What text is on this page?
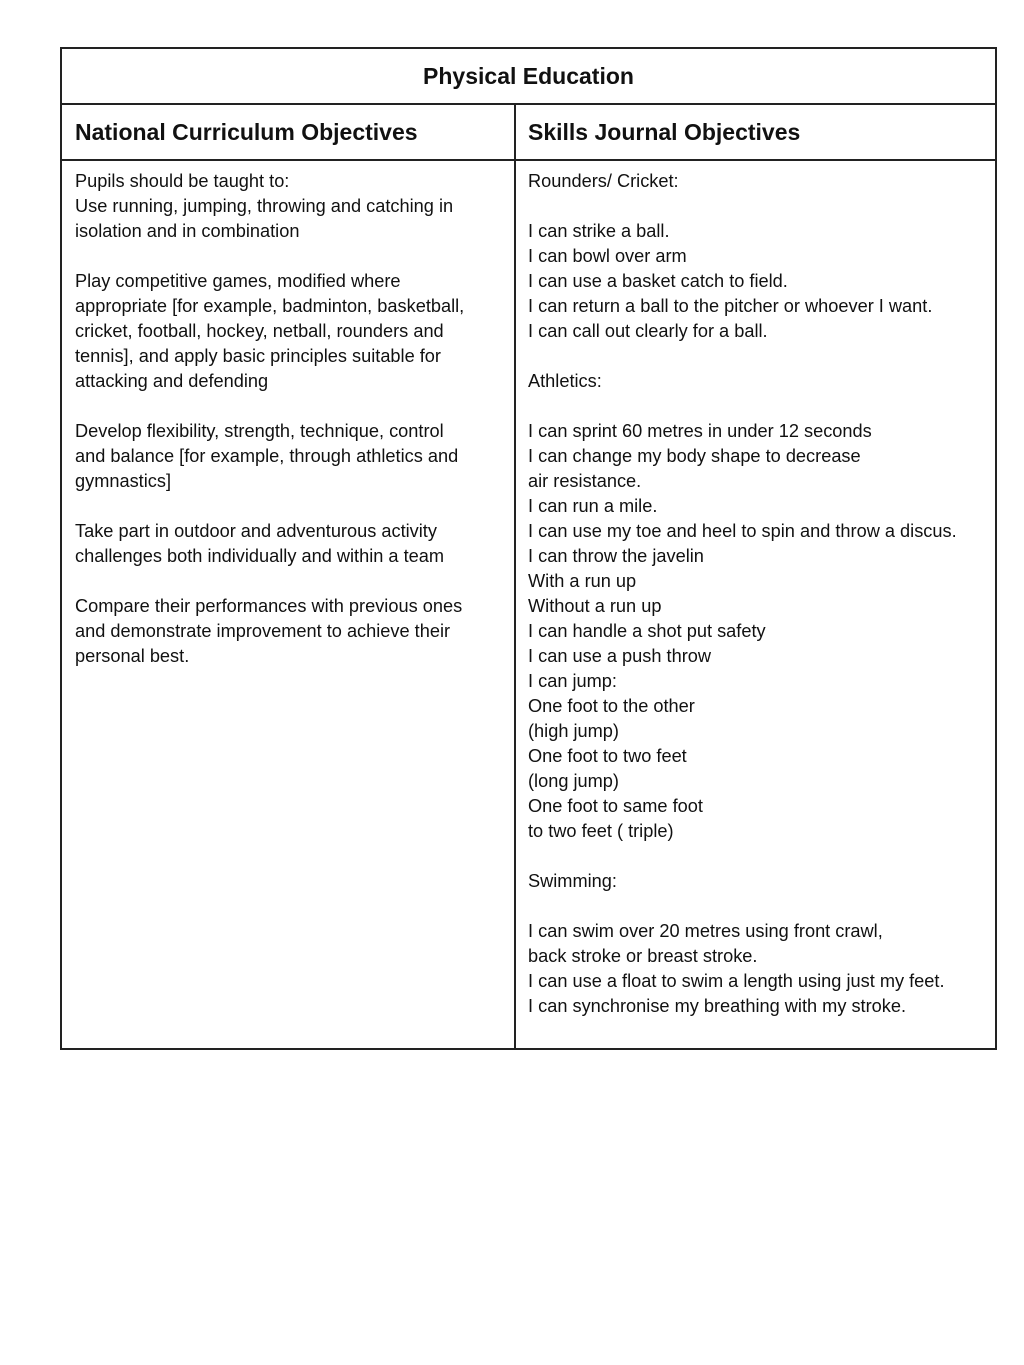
Physical Education
National Curriculum Objectives	Skills Journal Objectives
Pupils should be taught to:
Use running, jumping, throwing and catching in
isolation and in combination
Play competitive games, modified where
appropriate [for example, badminton, basketball,
cricket, football, hockey, netball, rounders and
tennis], and apply basic principles suitable for
attacking and defending
Develop flexibility, strength, technique, control
and balance [for example, through athletics and
gymnastics]
Take part in outdoor and adventurous activity
challenges both individually and within a team
Compare their performances with previous ones
and demonstrate improvement to achieve their
personal best.
Rounders/ Cricket:
I can strike a ball.
I can bowl over arm
I can use a basket catch to field.
I can return a ball to the pitcher or whoever I want.
I can call out clearly for a ball.
Athletics:
I can sprint 60 metres in under 12 seconds
I can change my body shape to decrease
air resistance.
I can run a mile.
I can use my toe and heel to spin and throw a discus.
I can throw the javelin
With a run up
Without a run up
I can handle a shot put safety
I can use a push throw
I can jump:
One foot to the other
(high jump)
One foot to two feet
(long jump)
One foot to same foot
to two feet ( triple)
Swimming:
I can swim over 20 metres using front crawl,
back stroke or breast stroke.
I can use a float to swim a length using just my feet.
I can synchronise my breathing with my stroke.
